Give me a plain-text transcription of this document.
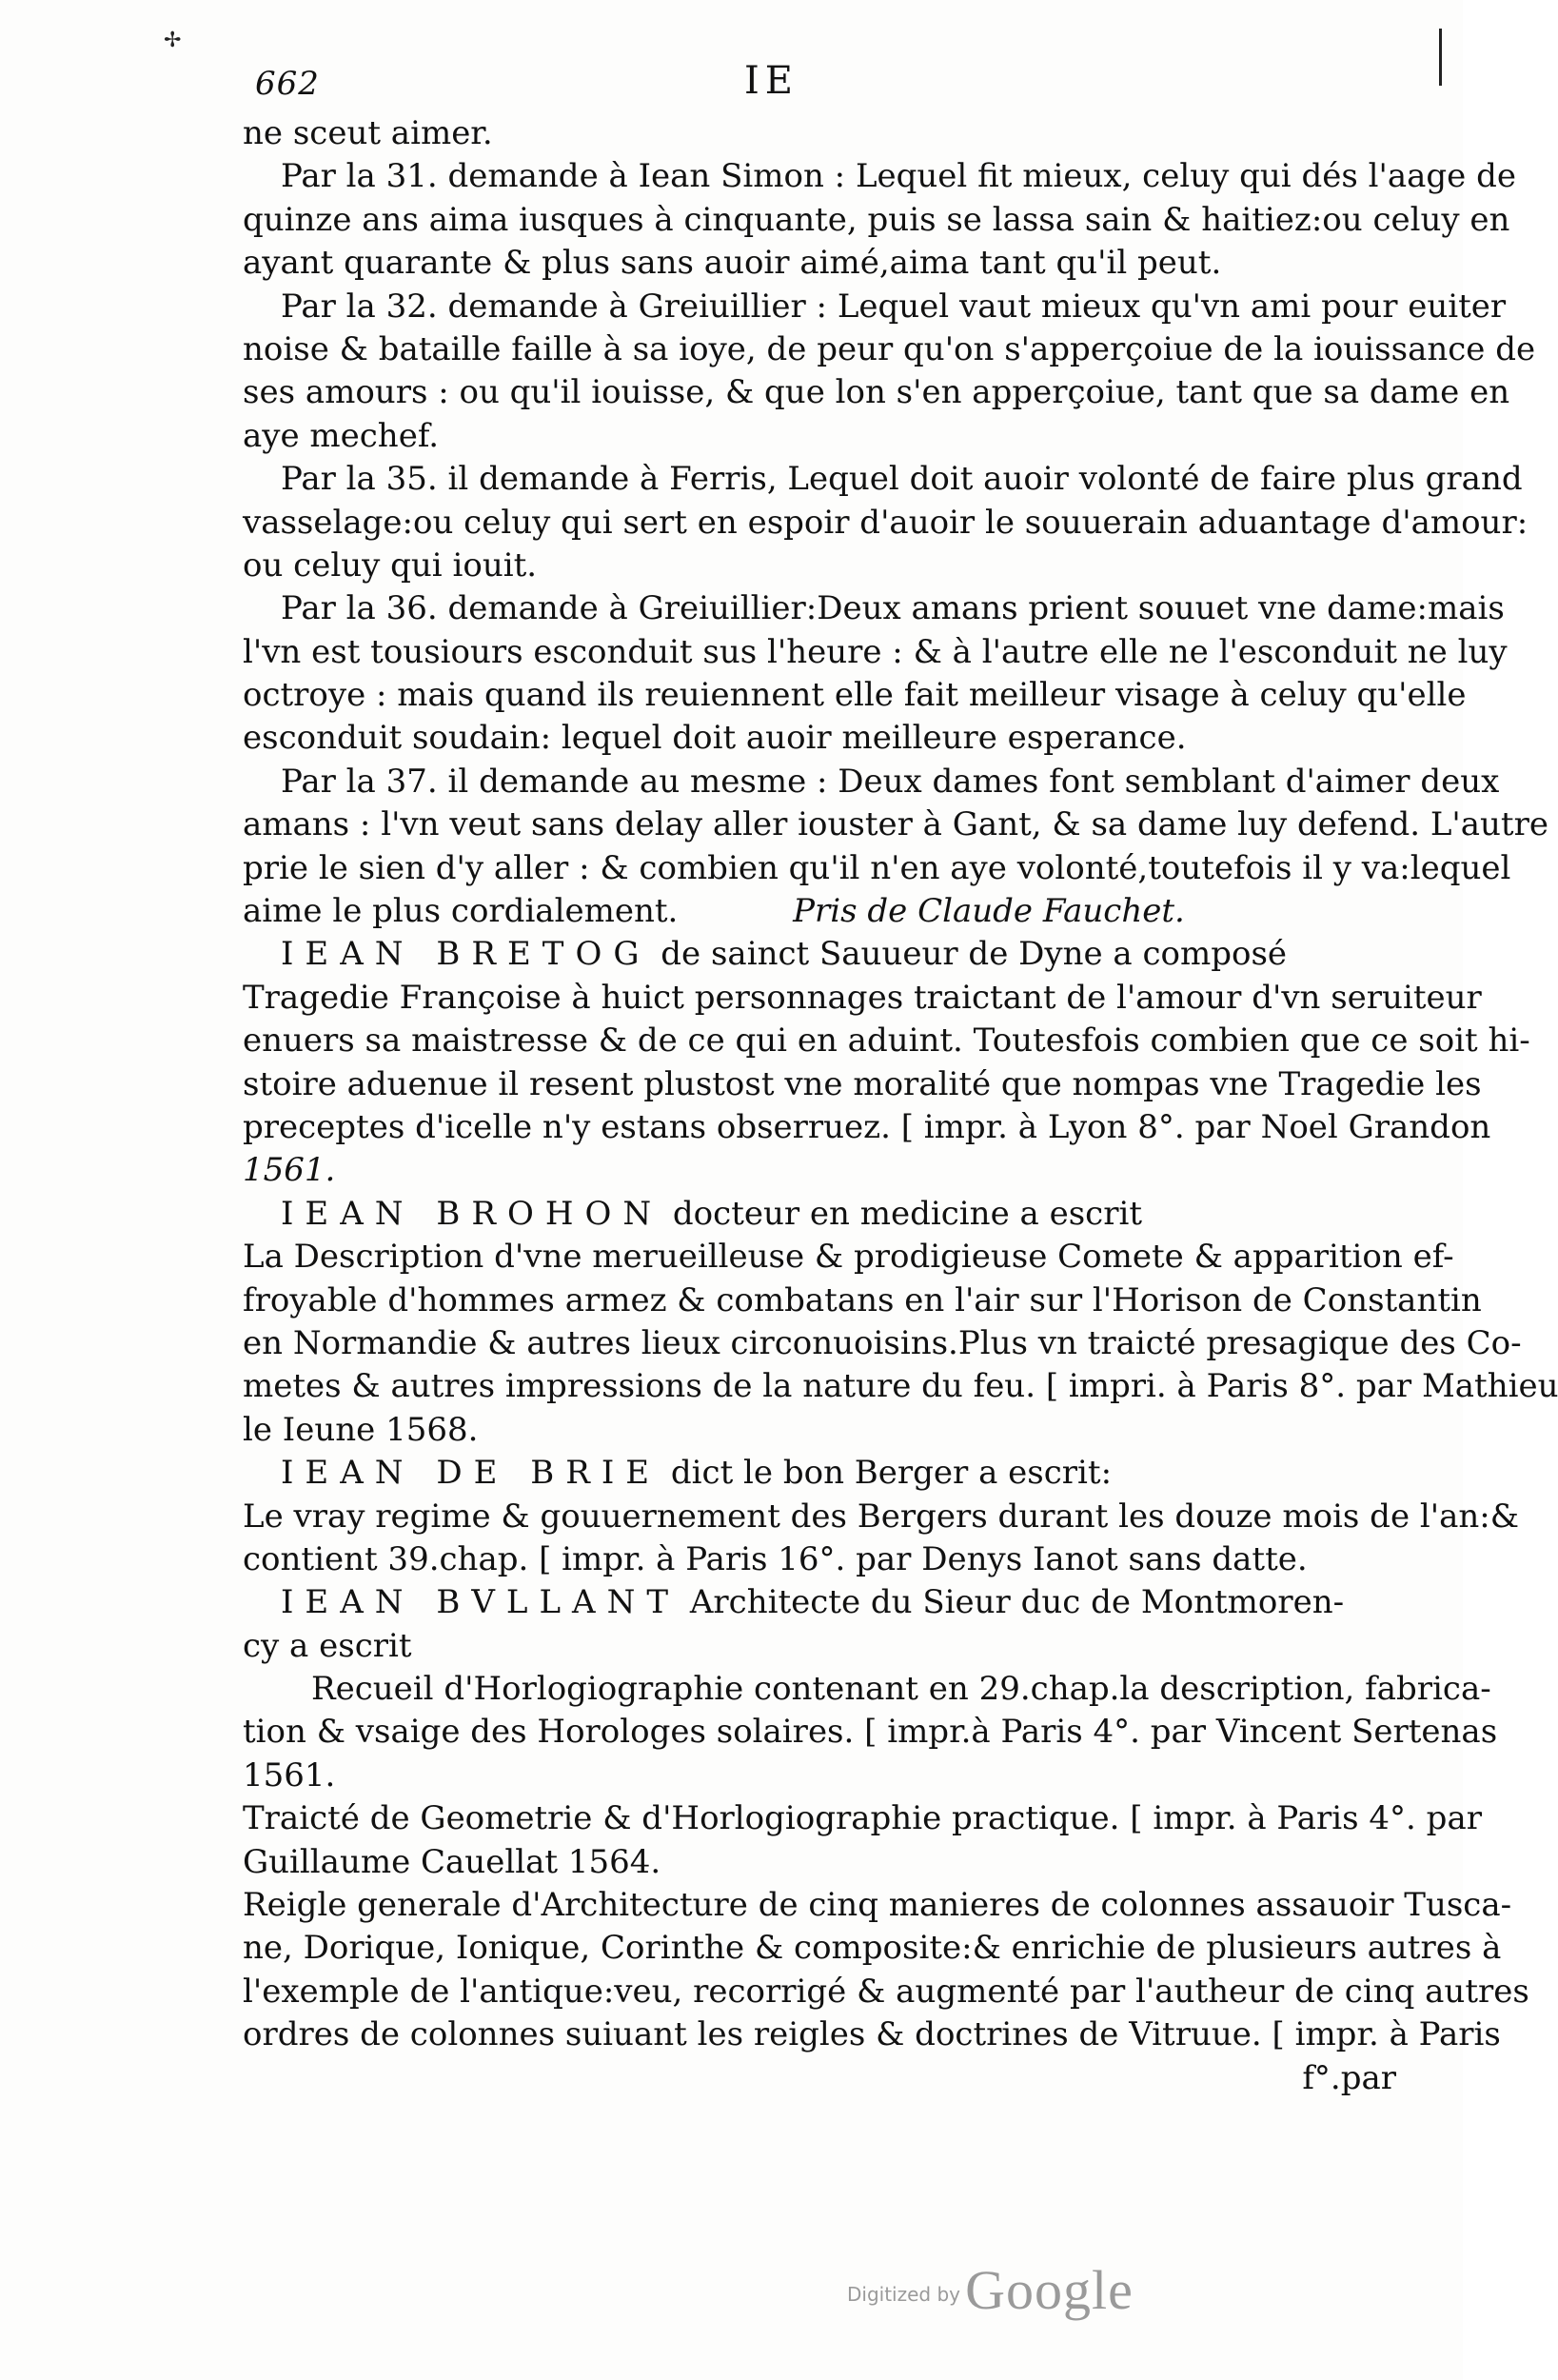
✢
662	IE
ne sceut aimer.
Par la 31. demande à Iean Simon : Lequel fit mieux, celuy qui dés l'aage de
quinze ans aima iusques à cinquante, puis se lassa sain & haitiez:ou celuy en
ayant quarante & plus sans auoir aimé,aima tant qu'il peut.
Par la 32. demande à Greiuillier : Lequel vaut mieux qu'vn ami pour euiter
noise & bataille faille à sa ioye, de peur qu'on s'apperçoiue de la iouissance de
ses amours : ou qu'il iouisse, & que lon s'en apperçoiue, tant que sa dame en
aye mechef.
Par la 35. il demande à Ferris, Lequel doit auoir volonté de faire plus grand
vasselage:ou celuy qui sert en espoir d'auoir le souuerain aduantage d'amour:
ou celuy qui iouit.
Par la 36. demande à Greiuillier:Deux amans prient souuet vne dame:mais
l'vn est tousiours esconduit sus l'heure : & à l'autre elle ne l'esconduit ne luy
octroye : mais quand ils reuiennent elle fait meilleur visage à celuy qu'elle
esconduit soudain: lequel doit auoir meilleure esperance.
Par la 37. il demande au mesme : Deux dames font semblant d'aimer deux
amans : l'vn veut sans delay aller iouster à Gant, & sa dame luy defend. L'autre
prie le sien d'y aller : & combien qu'il n'en aye volonté,toutefois il y va:lequel
aime le plus cordialement.	Pris de Claude Fauchet.
IEAN BRETOG de sainct Sauueur de Dyne a composé
Tragedie Françoise à huict personnages traictant de l'amour d'vn seruiteur
enuers sa maistresse & de ce qui en aduint. Toutesfois combien que ce soit hi-
stoire aduenue il resent plustost vne moralité que nompas vne Tragedie les
preceptes d'icelle n'y estans obserruez. [ impr. à Lyon 8°. par Noel Grandon
1561.
IEAN BROHON docteur en medicine a escrit
La Description d'vne merueilleuse & prodigieuse Comete & apparition ef-
froyable d'hommes armez & combatans en l'air sur l'Horison de Constantin
en Normandie & autres lieux circonuoisins.Plus vn traicté presagique des Co-
metes & autres impressions de la nature du feu. [ impri. à Paris 8°. par Mathieu
le Ieune 1568.
IEAN DE BRIE dict le bon Berger a escrit:
Le vray regime & gouuernement des Bergers durant les douze mois de l'an:&
contient 39.chap. [ impr. à Paris 16°. par Denys Ianot sans datte.
IEAN BVLLANT Architecte du Sieur duc de Montmoren-
cy a escrit
Recueil d'Horlogiographie contenant en 29.chap.la description, fabrica-
tion & vsaige des Horologes solaires. [ impr.à Paris 4°. par Vincent Sertenas
1561.
Traicté de Geometrie & d'Horlogiographie practique. [ impr. à Paris 4°. par
Guillaume Cauellat 1564.
Reigle generale d'Architecture de cinq manieres de colonnes assauoir Tusca-
ne, Dorique, Ionique, Corinthe & composite:& enrichie de plusieurs autres à
l'exemple de l'antique:veu, recorrigé & augmenté par l'autheur de cinq autres
ordres de colonnes suiuant les reigles & doctrines de Vitruue. [ impr. à Paris
f°.par
Digitized by Google
